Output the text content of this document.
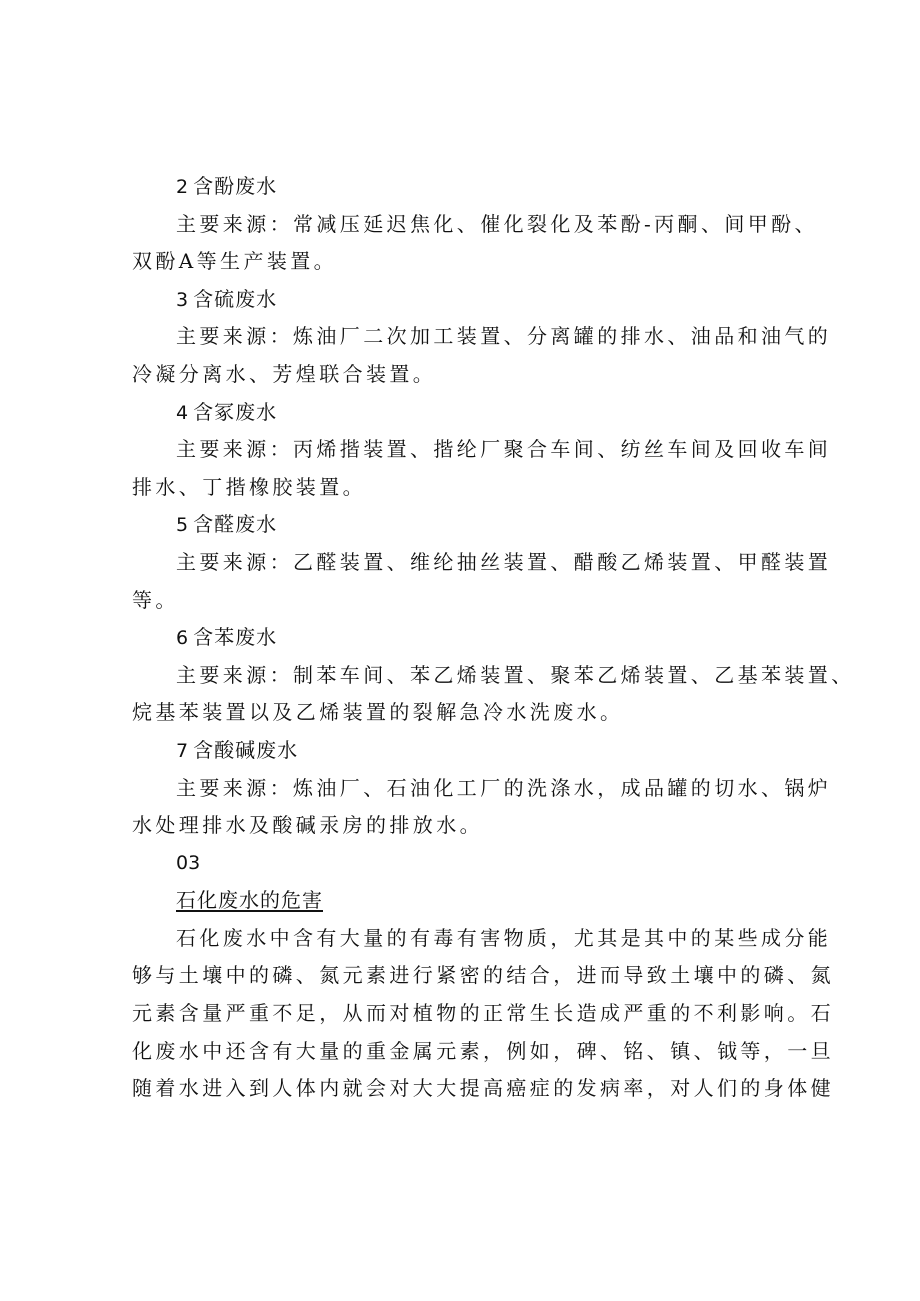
2 含酚废水
主要来源：常减压延迟焦化、催化裂化及苯酚-丙酮、间甲酚、
双酚A等生产装置。
3 含硫废水
主要来源：炼油厂二次加工装置、分离罐的排水、油品和油气的
冷凝分离水、芳煌联合装置。
4 含冢废水
主要来源：丙烯揩装置、揩纶厂聚合车间、纺丝车间及回收车间
排水、丁揩橡胶装置。
5 含醛废水
主要来源：乙醛装置、维纶抽丝装置、醋酸乙烯装置、甲醛装置
等。
6 含苯废水
主要来源：制苯车间、苯乙烯装置、聚苯乙烯装置、乙基苯装置、
烷基苯装置以及乙烯装置的裂解急冷水洗废水。
7 含酸碱废水
主要来源：炼油厂、石油化工厂的洗涤水，成品罐的切水、锅炉
水处理排水及酸碱汞房的排放水。
03
石化废水的危害
石化废水中含有大量的有毒有害物质，尤其是其中的某些成分能
够与土壤中的磷、氮元素进行紧密的结合，进而导致土壤中的磷、氮
元素含量严重不足，从而对植物的正常生长造成严重的不利影响。石
化废水中还含有大量的重金属元素，例如，碑、铭、镇、钺等，一旦
随着水进入到人体内就会对大大提高癌症的发病率，对人们的身体健
